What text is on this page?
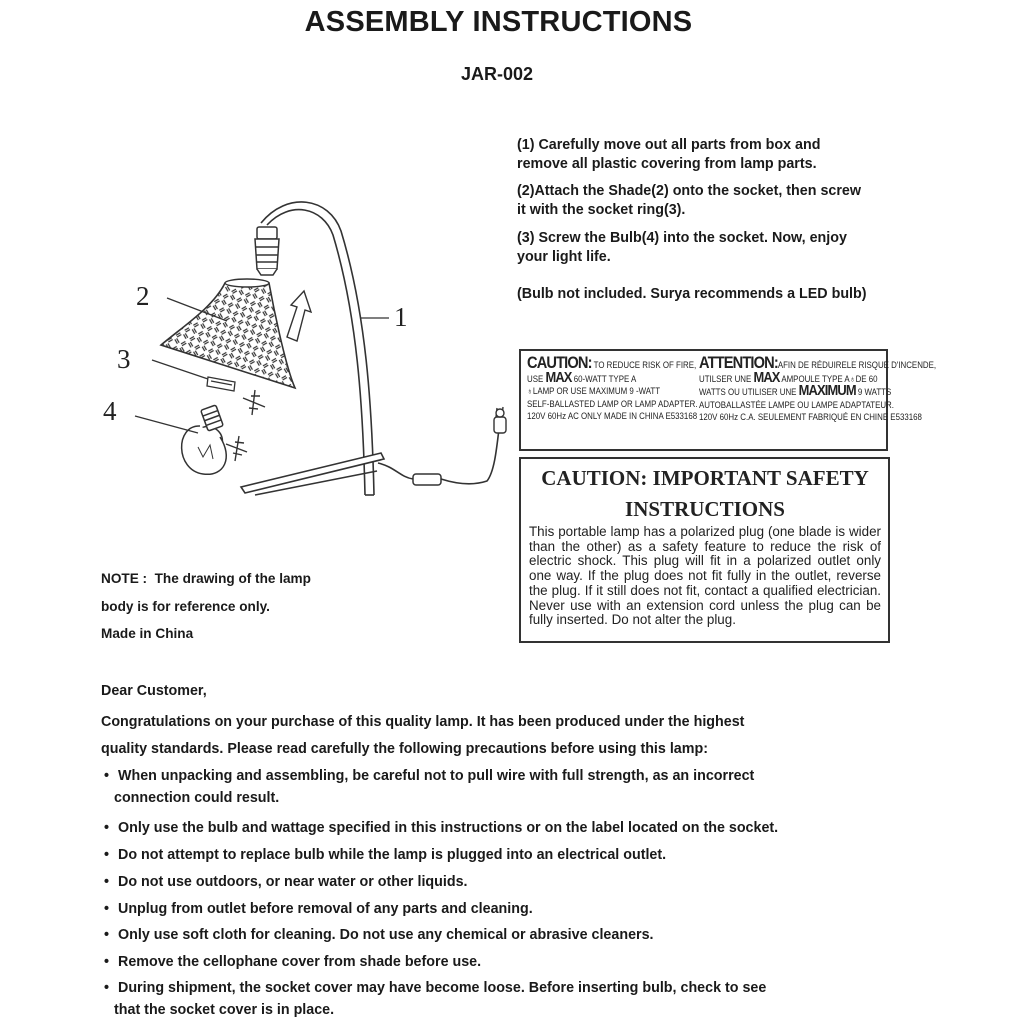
ASSEMBLY INSTRUCTIONS
JAR-002
(1) Carefully move out all parts from box and
remove all plastic covering from lamp parts.
(2)Attach the Shade(2) onto the socket, then screw
it with the socket ring(3).
(3) Screw the Bulb(4) into the socket. Now, enjoy
your light life.
(Bulb not included. Surya recommends a LED bulb)
1
2
3
4
CAUTION: TO REDUCE RISK OF FIRE,
USE MAX 60-WATT TYPE A
♁LAMP OR USE MAXIMUM 9 -WATT
SELF-BALLASTED LAMP OR LAMP ADAPTER.
120V 60Hz AC ONLY MADE IN CHINA E533168
ATTENTION:AFIN DE RÉDUIRELE RISQUE D'INCENDE,
UTILSER UNE MAX AMPOULE TYPE A♁DE 60
WATTS OU UTILISER UNE MAXIMUM 9 WATTS
AUTOBALLASTÉE LAMPE OU LAMPE ADAPTATEUR.
120V 60Hz C.A. SEULEMENT FABRIQUÉ EN CHINE E533168
CAUTION: IMPORTANT SAFETY
INSTRUCTIONS
This portable lamp has a polarized plug (one blade is wider than the other) as a safety feature to reduce the risk of electric shock. This plug will fit in a polarized outlet only one way. If the plug does not fit fully in the outlet, reverse the plug. If it still does not fit, contact a qualified electrician. Never use with an extension cord unless the plug can be fully inserted. Do not alter the plug.
NOTE :  The drawing of the lamp
body is for reference only.
Made in China
Dear Customer,
Congratulations on your purchase of this quality lamp. It has been produced under the highest
quality standards. Please read carefully the following precautions before using this lamp:
• When unpacking and assembling, be careful not to pull wire with full strength, as an incorrect
connection could result.
• Only use the bulb and wattage specified in this instructions or on the label located on the socket.
• Do not attempt to replace bulb while the lamp is plugged into an electrical outlet.
• Do not use outdoors, or near water or other liquids.
• Unplug from outlet before removal of any parts and cleaning.
• Only use soft cloth for cleaning. Do not use any chemical or abrasive cleaners.
• Remove the cellophane cover from shade before use.
• During shipment, the socket cover may have become loose. Before inserting bulb, check to see
that the socket cover is in place.
